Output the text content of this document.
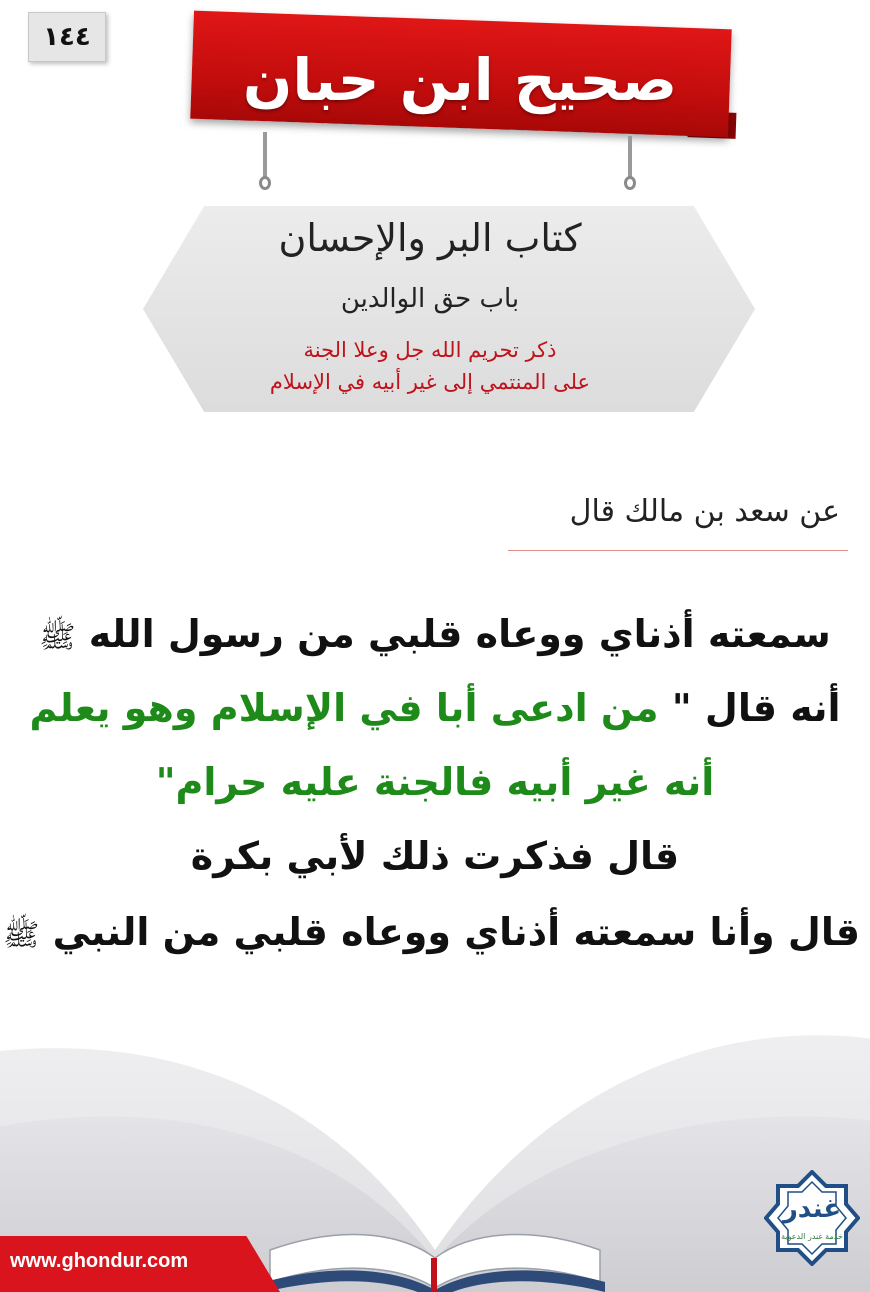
١٤٤
صحيح ابن حبان
كتاب البر والإحسان
باب حق الوالدين
ذكر تحريم الله جل وعلا الجنة
على المنتمي إلى غير أبيه في الإسلام
عن سعد بن مالك قال
سمعته أذناي ووعاه قلبي من رسول الله ﷺ
أنه قال " من ادعى أبا في الإسلام وهو يعلم
أنه غير أبيه فالجنة عليه حرام"
قال فذكرت ذلك لأبي بكرة
قال وأنا سمعته أذناي ووعاه قلبي من النبي ﷺ
غندر
خدمة غندر الدعوية
www.ghondur.com
